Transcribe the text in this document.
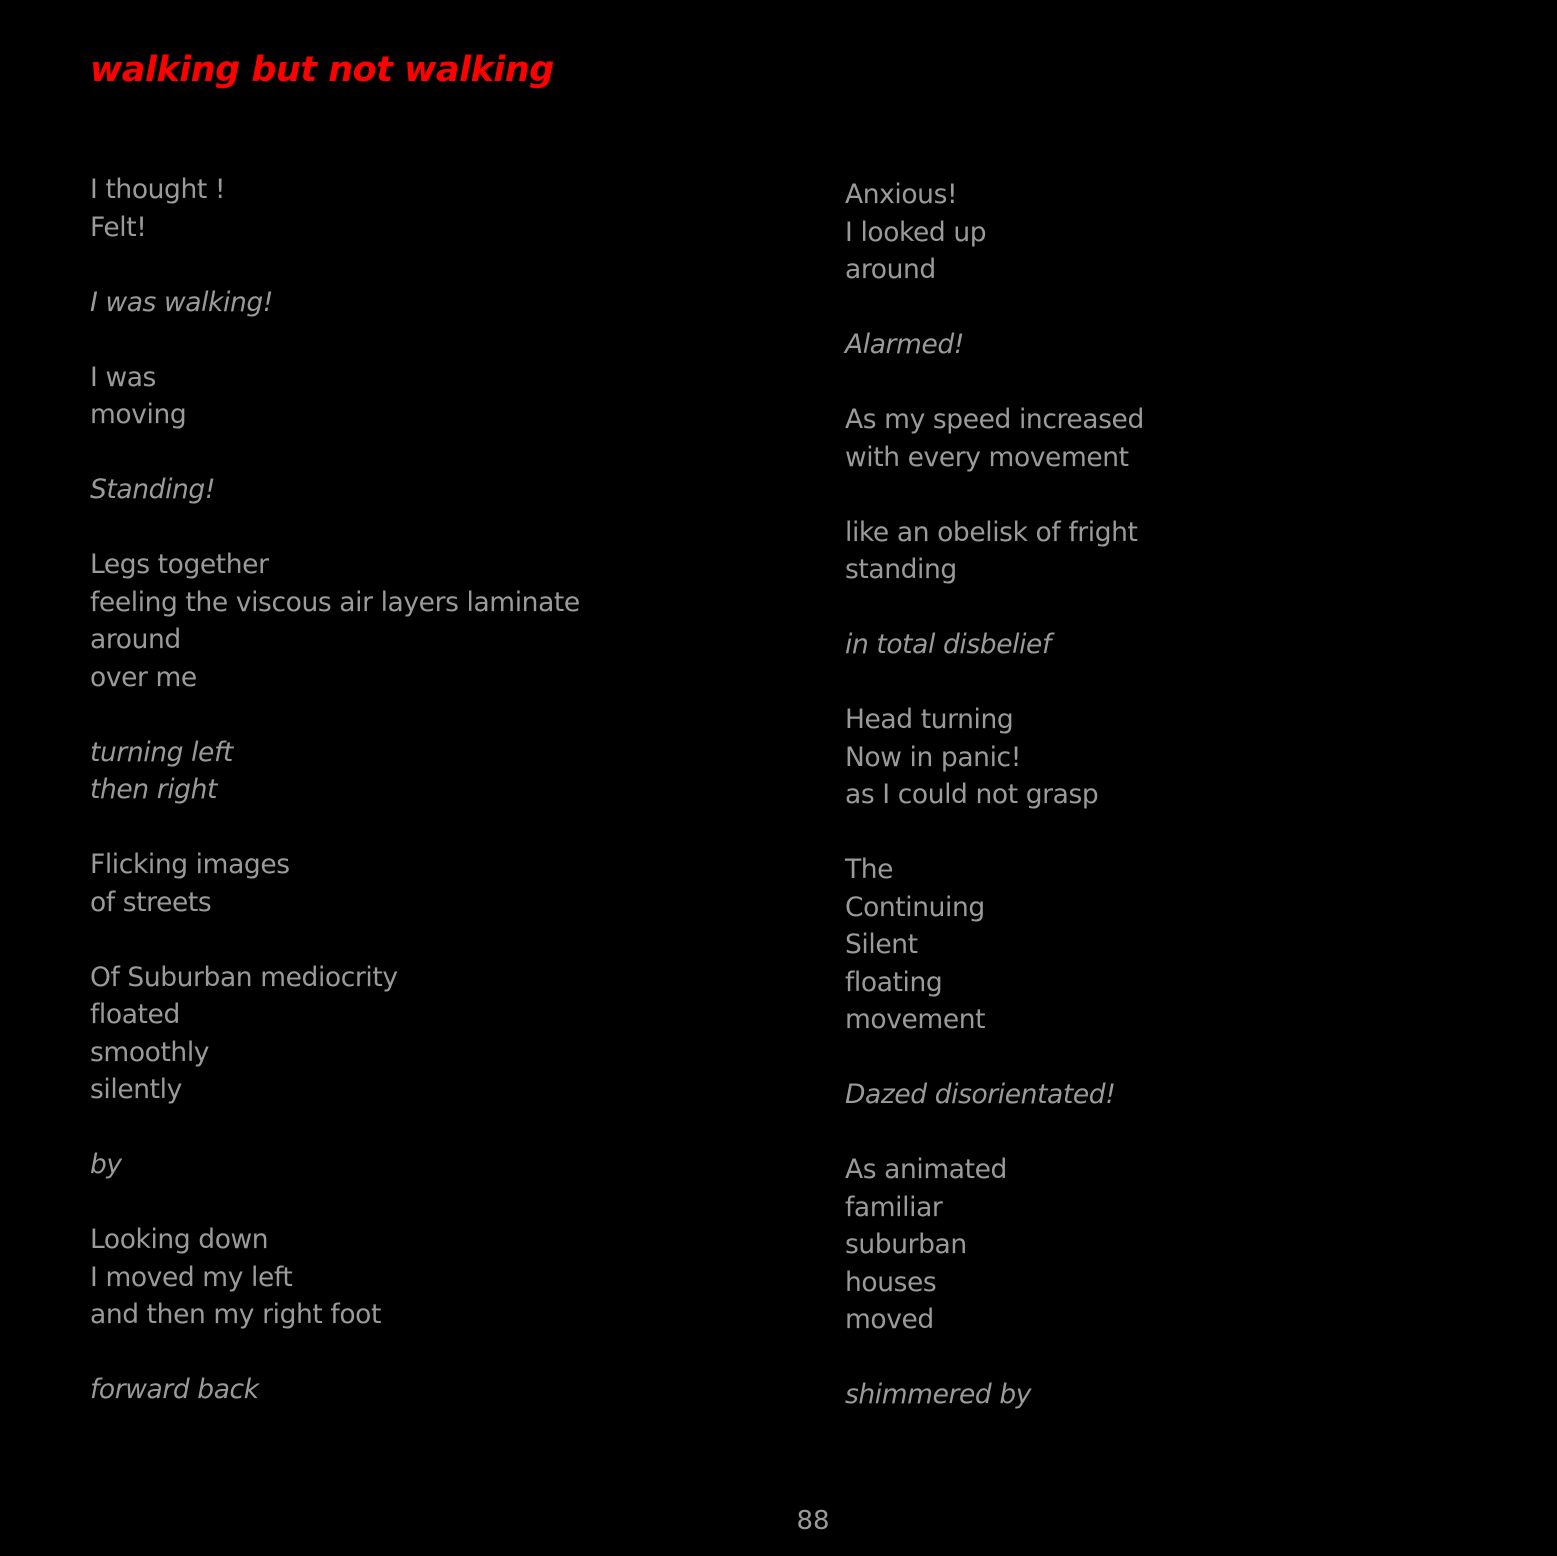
walking but not walking
I thought !
Felt!
I was walking!
I was
moving
Standing!
Legs together
feeling the viscous air layers laminate
around
over me
turning left
then right
Flicking images
of streets
Of Suburban mediocrity
floated
smoothly
silently
by
Looking down
I moved my left
and then my right foot
forward back
Anxious!
I looked up
around
Alarmed!
As my speed increased
with every movement
like an obelisk of fright
standing
in total disbelief
Head turning
Now in panic!
as I could not grasp
The
Continuing
Silent
floating
movement
Dazed disorientated!
As animated
familiar
suburban
houses
moved
shimmered by
88
